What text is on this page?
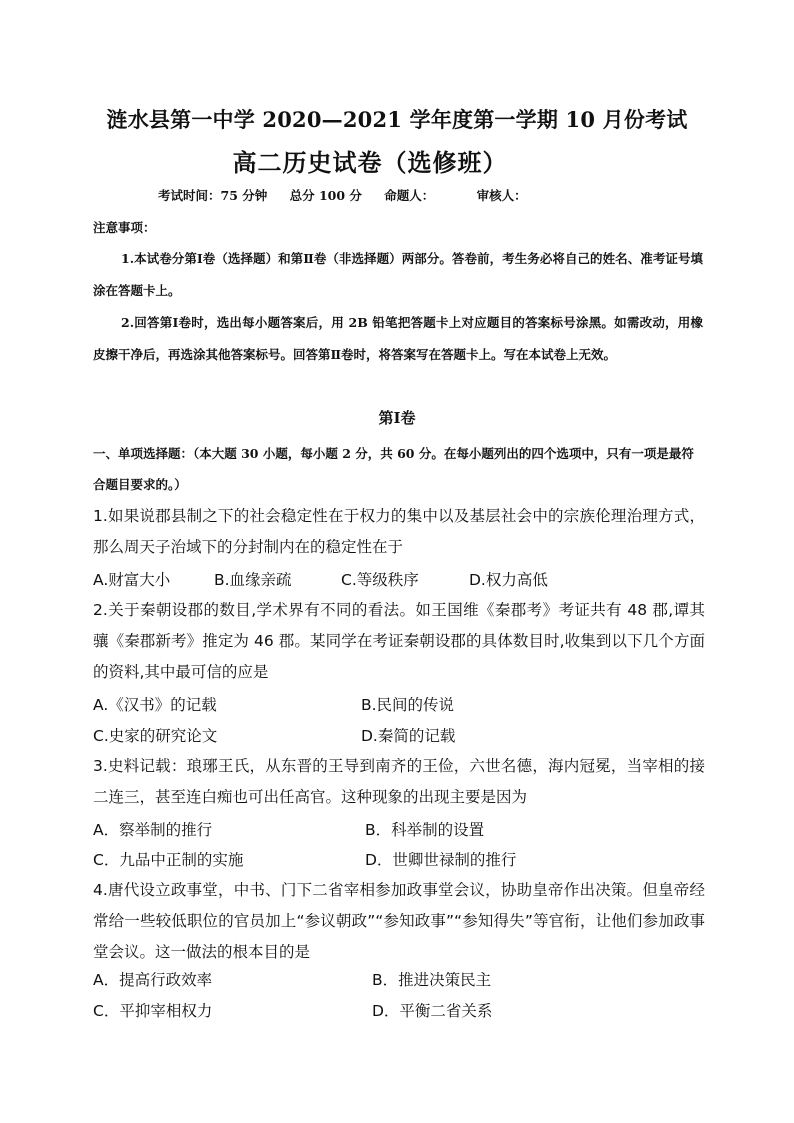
涟水县第一中学 2020—2021 学年度第一学期 10 月份考试
高二历史试卷（选修班）
考试时间：75 分钟 总分 100 分 命题人：	审核人：
注意事项：
1.本试卷分第Ⅰ卷（选择题）和第Ⅱ卷（非选择题）两部分。答卷前，考生务必将自己的姓名、准考证号填涂在答题卡上。
2.回答第Ⅰ卷时，选出每小题答案后，用 2B 铅笔把答题卡上对应题目的答案标号涂黑。如需改动，用橡皮擦干净后，再选涂其他答案标号。回答第Ⅱ卷时，将答案写在答题卡上。写在本试卷上无效。
第Ⅰ卷
一、单项选择题：（本大题 30 小题，每小题 2 分，共 60 分。在每小题列出的四个选项中，只有一项是最符合题目要求的。）
1.如果说郡县制之下的社会稳定性在于权力的集中以及基层社会中的宗族伦理治理方式，那么周天子治域下的分封制内在的稳定性在于
A.财富大小	B.血缘亲疏	C.等级秩序	D.权力高低
2.关于秦朝设郡的数目,学术界有不同的看法。如王国维《秦郡考》考证共有 48 郡,谭其骧《秦郡新考》推定为 46 郡。某同学在考证秦朝设郡的具体数目时,收集到以下几个方面的资料,其中最可信的应是
A.《汉书》的记载	B.民间的传说
C.史家的研究论文	D.秦简的记载
3.史料记载：琅琊王氏，从东晋的王导到南齐的王俭，六世名德，海内冠冕，当宰相的接二连三，甚至连白痴也可出任高官。这种现象的出现主要是因为
A．察举制的推行	B．科举制的设置
C．九品中正制的实施	D．世卿世禄制的推行
4.唐代设立政事堂，中书、门下二省宰相参加政事堂会议，协助皇帝作出决策。但皇帝经常给一些较低职位的官员加上“参议朝政”“参知政事”“参知得失”等官衔，让他们参加政事堂会议。这一做法的根本目的是
A．提高行政效率	B．推进决策民主
C．平抑宰相权力	D．平衡二省关系
